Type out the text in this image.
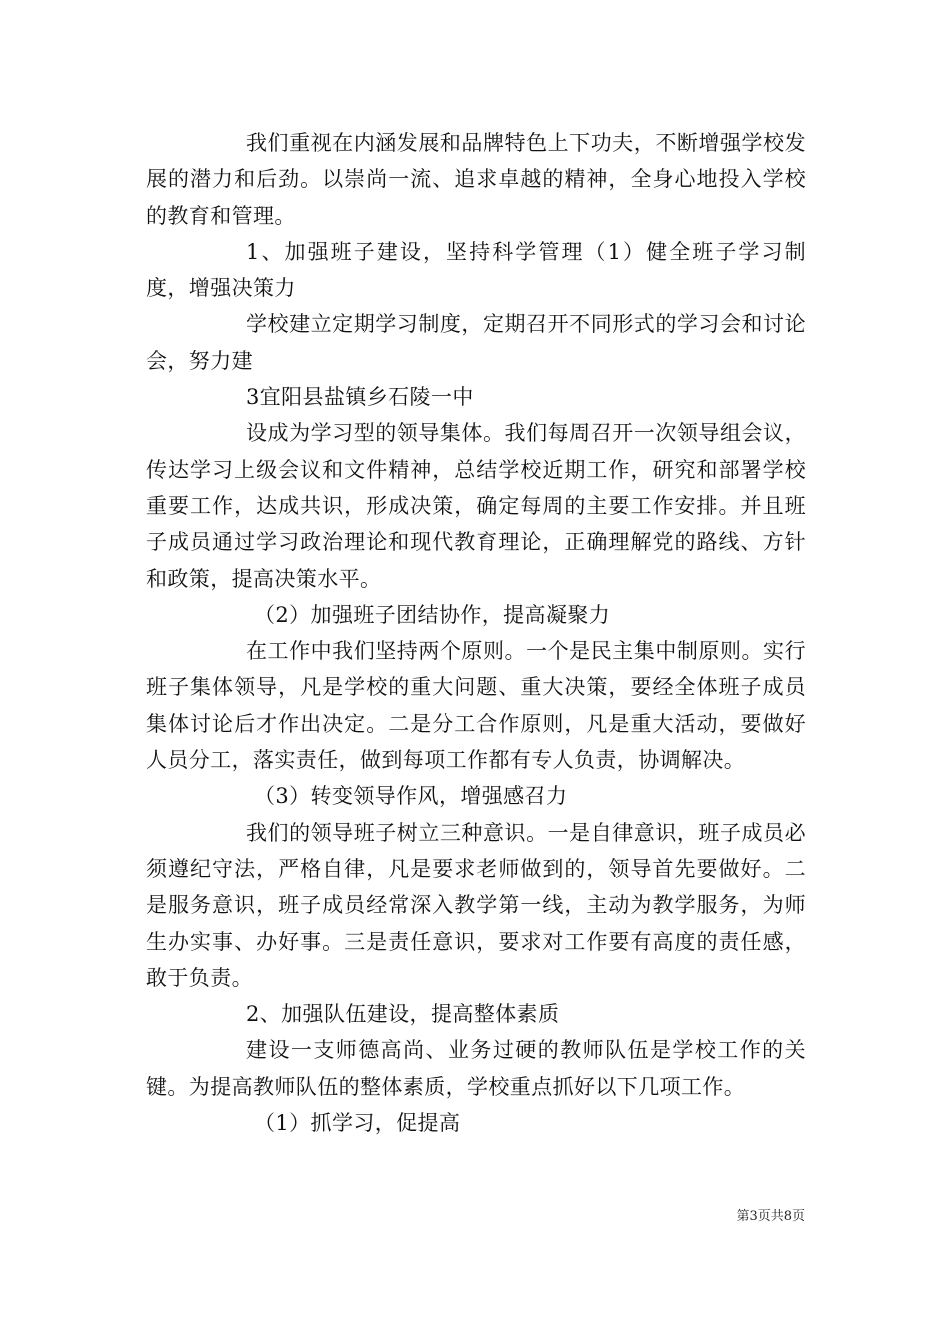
我们重视在内涵发展和品牌特色上下功夫，不断增强学校发展的潜力和后劲。以崇尚一流、追求卓越的精神，全身心地投入学校的教育和管理。

1、加强班子建设，坚持科学管理（1）健全班子学习制度，增强决策力

学校建立定期学习制度，定期召开不同形式的学习会和讨论会，努力建

3宜阳县盐镇乡石陵一中

设成为学习型的领导集体。我们每周召开一次领导组会议，传达学习上级会议和文件精神，总结学校近期工作，研究和部署学校重要工作，达成共识，形成决策，确定每周的主要工作安排。并且班子成员通过学习政治理论和现代教育理论，正确理解党的路线、方针和政策，提高决策水平。

（2）加强班子团结协作，提高凝聚力

在工作中我们坚持两个原则。一个是民主集中制原则。实行班子集体领导，凡是学校的重大问题、重大决策，要经全体班子成员集体讨论后才作出决定。二是分工合作原则，凡是重大活动，要做好人员分工，落实责任，做到每项工作都有专人负责，协调解决。

（3）转变领导作风，增强感召力

我们的领导班子树立三种意识。一是自律意识，班子成员必须遵纪守法，严格自律，凡是要求老师做到的，领导首先要做好。二是服务意识，班子成员经常深入教学第一线，主动为教学服务，为师生办实事、办好事。三是责任意识，要求对工作要有高度的责任感，敢于负责。

2、加强队伍建设，提高整体素质

建设一支师德高尚、业务过硬的教师队伍是学校工作的关键。为提高教师队伍的整体素质，学校重点抓好以下几项工作。

（1）抓学习，促提高

第3页共8页
